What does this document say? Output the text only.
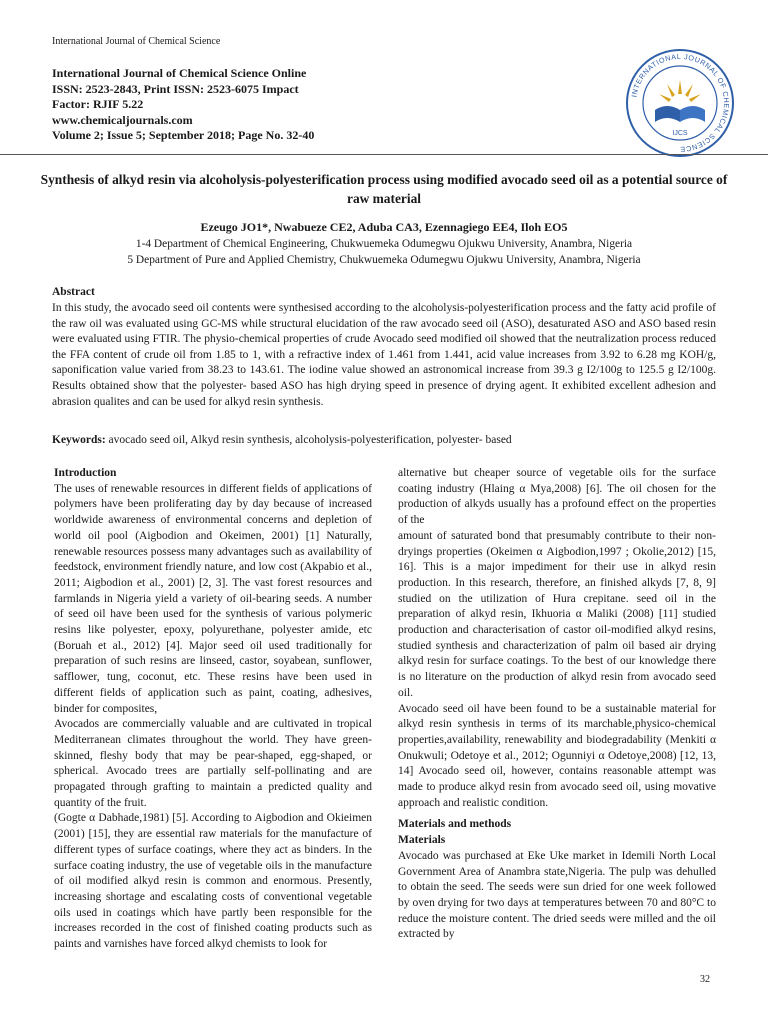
International Journal of Chemical Science
International Journal of Chemical Science Online
ISSN: 2523-2843, Print ISSN: 2523-6075 Impact
Factor: RJIF 5.22
www.chemicaljournals.com
Volume 2; Issue 5; September 2018; Page No. 32-40
INTERNATIONAL JOURNAL OF CHEMICAL SCIENCE
IJCS
Synthesis of alkyd resin via alcoholysis-polyesterification process using modified avocado seed oil as a potential source of raw material
Ezeugo JO1*, Nwabueze CE2, Aduba CA3, Ezennagiego EE4, Iloh EO5
1-4 Department of Chemical Engineering, Chukwuemeka Odumegwu Ojukwu University, Anambra, Nigeria
5 Department of Pure and Applied Chemistry, Chukwuemeka Odumegwu Ojukwu University, Anambra, Nigeria
Abstract
In this study, the avocado seed oil contents were synthesised according to the alcoholysis-polyesterification process and the fatty acid profile of the raw oil was evaluated using GC-MS while structural elucidation of the raw avocado seed oil (ASO), desaturated ASO and ASO based resin were evaluated using FTIR. The physio-chemical properties of crude Avocado seed modified oil showed that the neutralization process reduced the FFA content of crude oil from 1.85 to 1, with a refractive index of 1.461 from 1.441, acid value increases from 3.92 to 6.28 mg KOH/g, saponification value varied from 38.23 to 143.61. The iodine value showed an astronomical increase from 39.3 g I2/100g to 125.5 g I2/100g. Results obtained show that the polyester- based ASO has high drying speed in presence of drying agent. It exhibited excellent adhesion and abrasion qualites and can be used for alkyd resin synthesis.
Keywords: avocado seed oil, Alkyd resin synthesis, alcoholysis-polyesterification, polyester- based

Introduction

The uses of renewable resources in different fields of applications of polymers have been proliferating day by day because of increased worldwide awareness of environmental concerns and depletion of world oil pool (Aigbodion and Okeimen, 2001) [1] Naturally, renewable resources possess many advantages such as availability of feedstock, environment friendly nature, and low cost (Akpabio et al., 2011; Aigbodion et al., 2001) [2, 3]. The vast forest resources and farmlands in Nigeria yield a variety of oil-bearing seeds. A number of seed oil have been used for the synthesis of various polymeric resins like polyester, epoxy, polyurethane, polyester amide, etc (Boruah et al., 2012) [4]. Major seed oil used traditionally for preparation of such resins are linseed, castor, soyabean, sunflower, safflower, tung, coconut, etc. These resins have been used in different fields of application such as paint, coating, adhesives, binder for composites,

Avocados are commercially valuable and are cultivated in tropical Mediterranean climates throughout the world. They have green-skinned, fleshy body that may be pear-shaped, egg-shaped, or spherical. Avocado trees are partially self-pollinating and are propagated through grafting to maintain a predicted quality and quantity of the fruit.

(Gogte α Dabhade,1981) [5]. According to Aigbodion and Okieimen (2001) [15], they are essential raw materials for the manufacture of different types of surface coatings, where they act as binders. In the surface coating industry, the use of vegetable oils in the manufacture of oil modified alkyd resin is common and enormous. Presently, increasing shortage and escalating costs of conventional vegetable oils used in coatings which have partly been responsible for the increases recorded in the cost of finished coating products such as paints and varnishes have forced alkyd chemists to look for

alternative but cheaper source of vegetable oils for the surface coating industry (Hlaing α Mya,2008) [6]. The oil chosen for the production of alkyds usually has a profound effect on the properties of the

amount of saturated bond that presumably contribute to their non-dryings properties (Okeimen α Aigbodion,1997 ; Okolie,2012) [15, 16]. This is a major impediment for their use in alkyd resin production. In this research, therefore, an finished alkyds [7, 8, 9] studied on the utilization of Hura crepitane. seed oil in the preparation of alkyd resin, Ikhuoria α Maliki (2008) [11] studied production and characterisation of castor oil-modified alkyd resins, studied synthesis and characterization of palm oil based air drying alkyd resin for surface coatings. To the best of our knowledge there is no literature on the production of alkyd resin from avocado seed oil.

Avocado seed oil have been found to be a sustainable material for alkyd resin synthesis in terms of its marchable,physico-chemical properties,availability, renewability and biodegradability (Menkiti α Onukwuli; Odetoye et al., 2012; Ogunniyi α Odetoye,2008) [12, 13, 14] Avocado seed oil, however, contains reasonable attempt was made to produce alkyd resin from avocado seed oil, using movative approach and realistic condition.

Materials and methods

Materials

Avocado was purchased at Eke Uke market in Idemili North Local Government Area of Anambra state,Nigeria. The pulp was dehulled to obtain the seed. The seeds were sun dried for one week followed by oven drying for two days at temperatures between 70 and 80°C to reduce the moisture content. The dried seeds were milled and the oil extracted by

32
